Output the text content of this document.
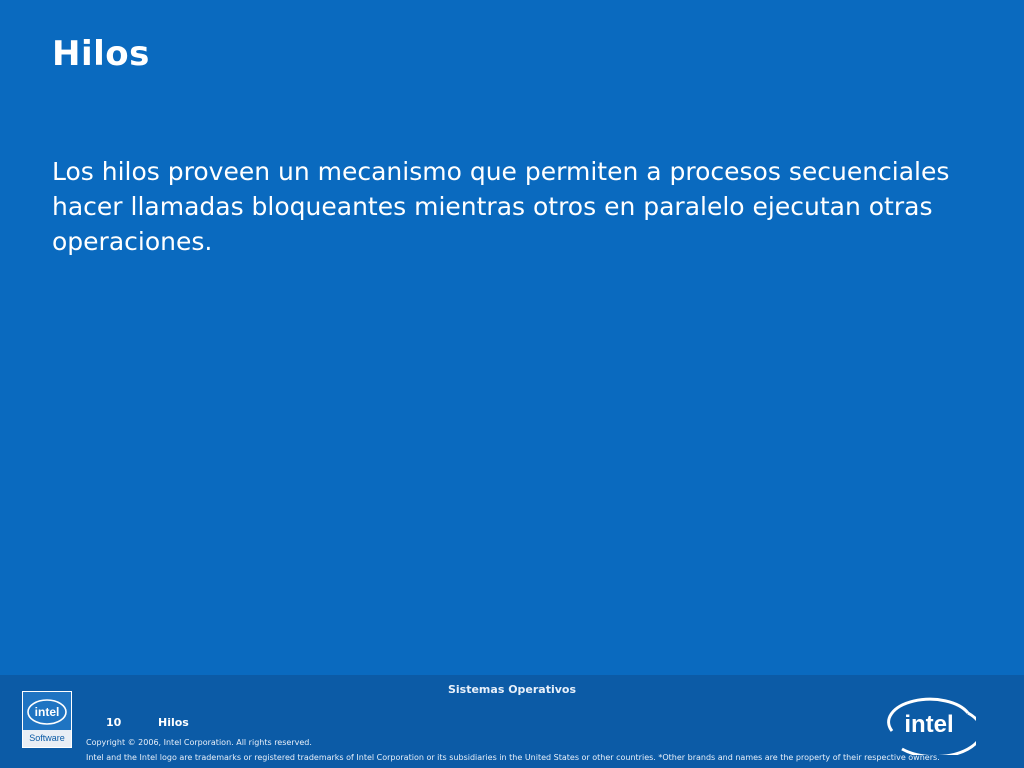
Hilos

Los hilos proveen un mecanismo que permiten a procesos secuenciales hacer llamadas bloqueantes mientras otros en paralelo ejecutan otras operaciones.

Sistemas Operativos
intel
Software
10	Hilos
Copyright © 2006, Intel Corporation. All rights reserved.
Intel and the Intel logo are trademarks or registered trademarks of Intel Corporation or its subsidiaries in the United States or other countries. *Other brands and names are the property of their respective owners.
intel
